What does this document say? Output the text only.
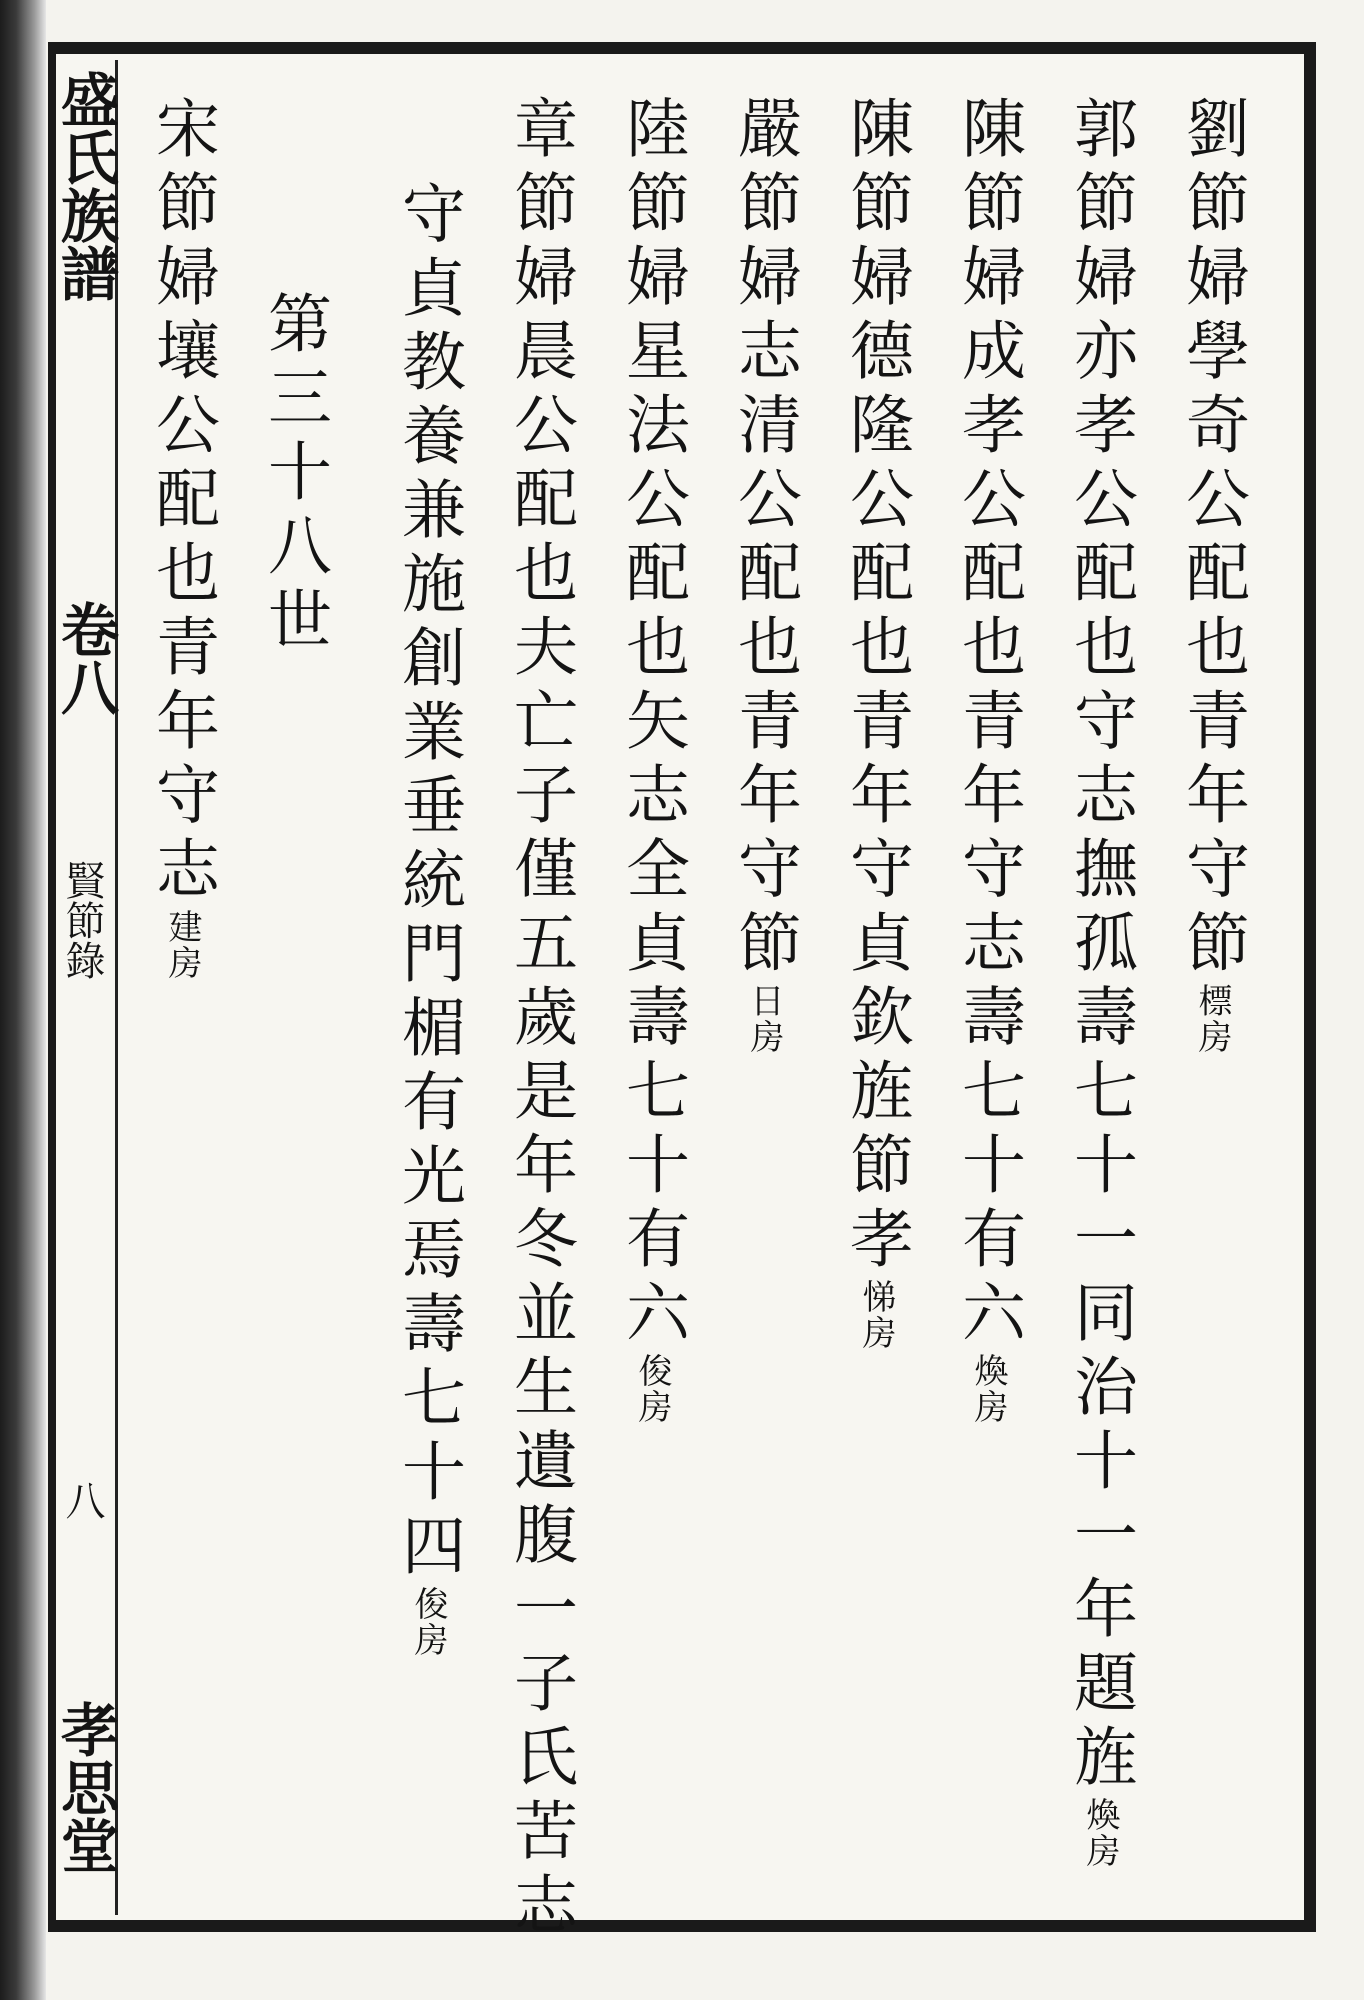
盛氏族譜
卷八
賢節錄
八
孝思堂
劉節婦學奇公配也青年守節標房
郭節婦亦孝公配也守志撫孤壽七十一同治十一年題旌煥房
陳節婦成孝公配也青年守志壽七十有六煥房
陳節婦德隆公配也青年守貞欽旌節孝悌房
嚴節婦志清公配也青年守節日房
陸節婦星法公配也矢志全貞壽七十有六俊房
章節婦晨公配也夫亡子僅五歲是年冬並生遺腹一子氏苦志
守貞教養兼施創業垂統門楣有光焉壽七十四俊房
第三十八世
宋節婦壤公配也青年守志建房
